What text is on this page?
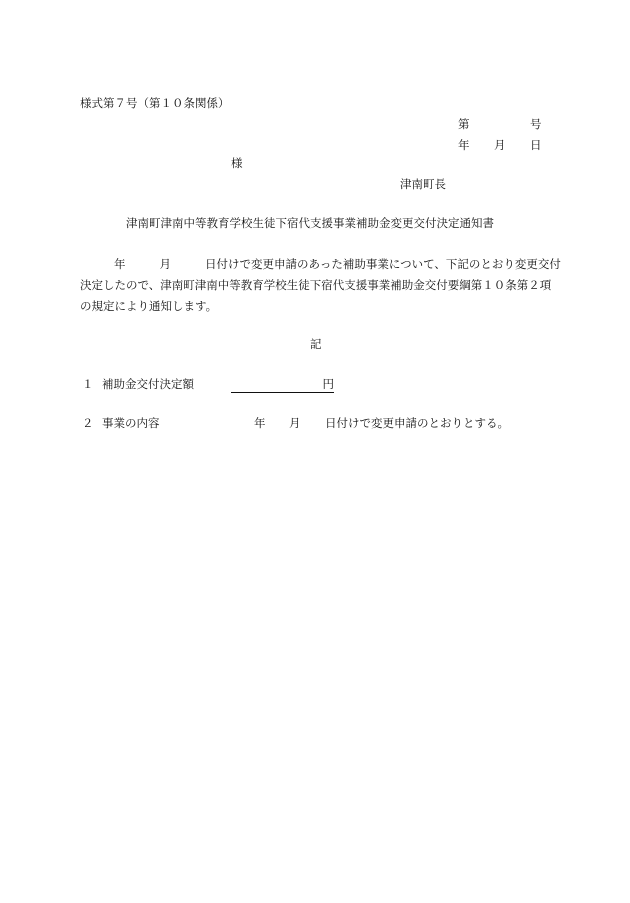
様式第７号（第１０条関係）
第	号
年 月 日
様
津南町長
津南町津南中等教育学校生徒下宿代支援事業補助金変更交付決定通知書
年	月	日付けで変更申請のあった補助事業について、下記のとおり変更交付
決定したので、津南町津南中等教育学校生徒下宿代支援事業補助金交付要綱第１０条第２項
の規定により通知します。
記
１ 補助金交付決定額	円
２ 事業の内容	年 月 日付けで変更申請のとおりとする。
